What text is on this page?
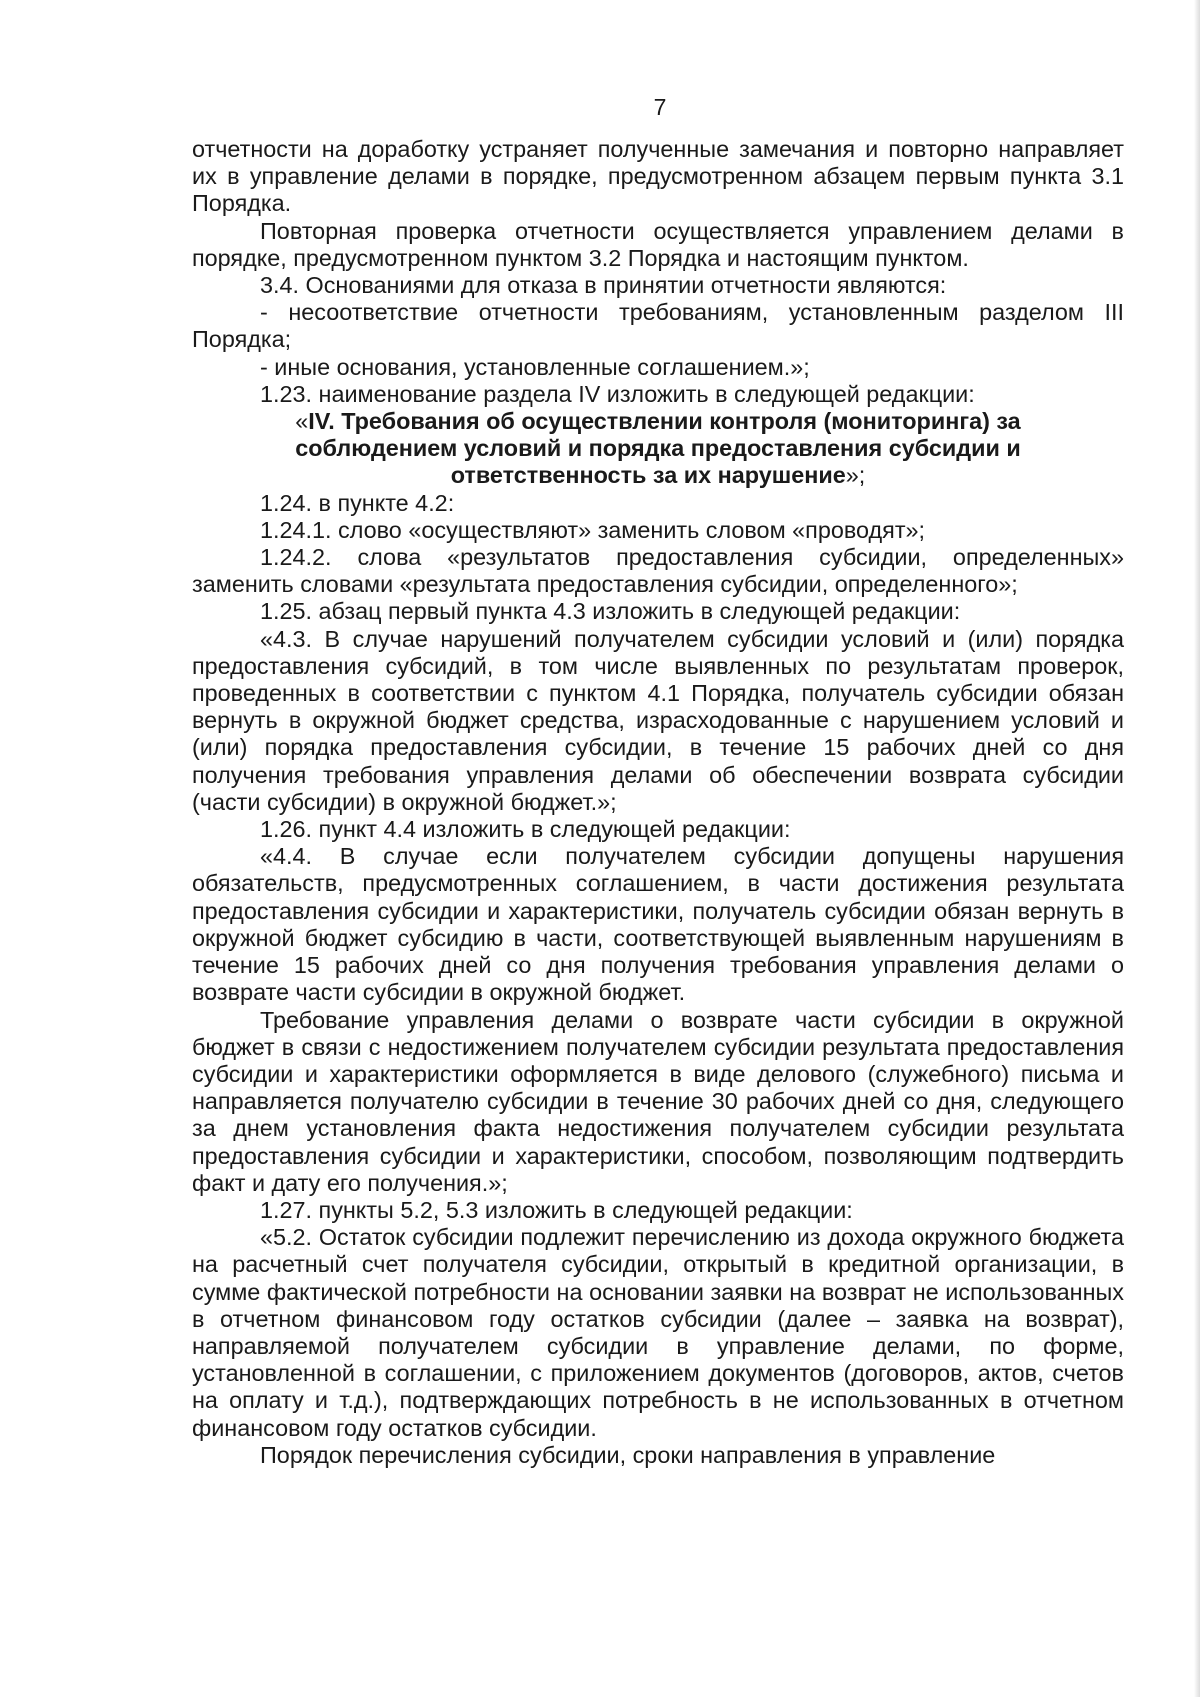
7

отчетности на доработку устраняет полученные замечания и повторно направляет их в управление делами в порядке, предусмотренном абзацем первым пункта 3.1 Порядка.

Повторная проверка отчетности осуществляется управлением делами в порядке, предусмотренном пунктом 3.2 Порядка и настоящим пунктом.

3.4. Основаниями для отказа в принятии отчетности являются:

- несоответствие отчетности требованиям, установленным разделом III Порядка;

- иные основания, установленные соглашением.»;

1.23. наименование раздела IV изложить в следующей редакции:

«IV. Требования об осуществлении контроля (мониторинга) за соблюдением условий и порядка предоставления субсидии и ответственность за их нарушение»;

1.24. в пункте 4.2:

1.24.1. слово «осуществляют» заменить словом «проводят»;

1.24.2. слова «результатов предоставления субсидии, определенных» заменить словами «результата предоставления субсидии, определенного»;

1.25. абзац первый пункта 4.3 изложить в следующей редакции:

«4.3. В случае нарушений получателем субсидии условий и (или) порядка предоставления субсидий, в том числе выявленных по результатам проверок, проведенных в соответствии с пунктом 4.1 Порядка, получатель субсидии обязан вернуть в окружной бюджет средства, израсходованные с нарушением условий и (или) порядка предоставления субсидии, в течение 15 рабочих дней со дня получения требования управления делами об обеспечении возврата субсидии (части субсидии) в окружной бюджет.»;

1.26. пункт 4.4 изложить в следующей редакции:

«4.4. В случае если получателем субсидии допущены нарушения обязательств, предусмотренных соглашением, в части достижения результата предоставления субсидии и характеристики, получатель субсидии обязан вернуть в окружной бюджет субсидию в части, соответствующей выявленным нарушениям в течение 15 рабочих дней со дня получения требования управления делами о возврате части субсидии в окружной бюджет.

Требование управления делами о возврате части субсидии в окружной бюджет в связи с недостижением получателем субсидии результата предоставления субсидии и характеристики оформляется в виде делового (служебного) письма и направляется получателю субсидии в течение 30 рабочих дней со дня, следующего за днем установления факта недостижения получателем субсидии результата предоставления субсидии и характеристики, способом, позволяющим подтвердить факт и дату его получения.»;

1.27. пункты 5.2, 5.3 изложить в следующей редакции:

«5.2. Остаток субсидии подлежит перечислению из дохода окружного бюджета на расчетный счет получателя субсидии, открытый в кредитной организации, в сумме фактической потребности на основании заявки на возврат не использованных в отчетном финансовом году остатков субсидии (далее – заявка на возврат), направляемой получателем субсидии в управление делами, по форме, установленной в соглашении, с приложением документов (договоров, актов, счетов на оплату и т.д.), подтверждающих потребность в не использованных в отчетном финансовом году остатков субсидии.

Порядок перечисления субсидии, сроки направления в управление
